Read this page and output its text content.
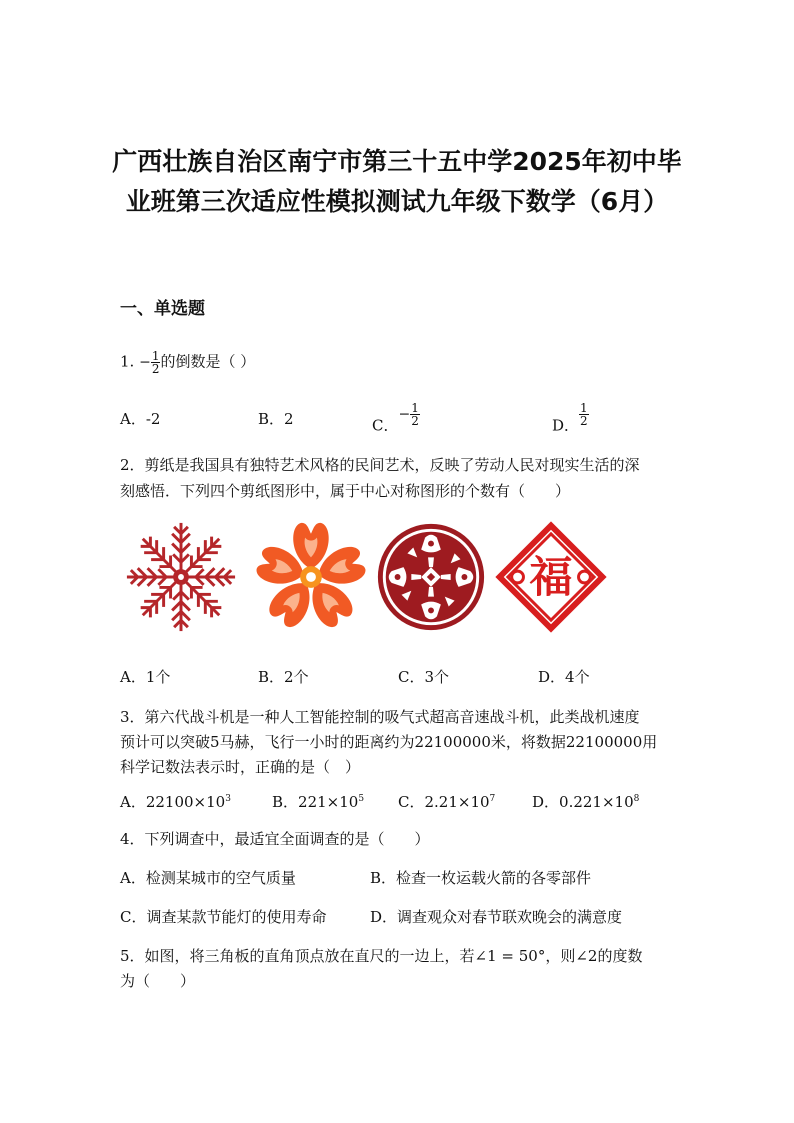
广西壮族自治区南宁市第三十五中学2025年初中毕
业班第三次适应性模拟测试九年级下数学（6月）
一、单选题
1. − $\frac{1}{2}$ 的倒数是（ ）
A．-2	B．2	C．− $\frac{1}{2}$	D． $\frac{1}{2}$
2．剪纸是我国具有独特艺术风格的民间艺术，反映了劳动人民对现实生活的深
刻感悟．下列四个剪纸图形中，属于中心对称图形的个数有（　　）
福
A．1个	B．2个	C．3个	D．4个
3．第六代战斗机是一种人工智能控制的吸气式超高音速战斗机，此类战机速度
预计可以突破5马赫，飞行一小时的距离约为22100000米，将数据22100000用
科学记数法表示时，正确的是（　）
A．$22100\times 10^3$	B．$221\times 10^5$ C．$2.21\times 10^7$ D．$0.221\times 10^8$
4．下列调查中，最适宜全面调查的是（　　）
A．检测某城市的空气质量	B．检查一枚运载火箭的各零部件
C．调查某款节能灯的使用寿命	D．调查观众对春节联欢晚会的满意度
5．如图，将三角板的直角顶点放在直尺的一边上，若∠1 = 50°，则∠2的度数
为（　　）
